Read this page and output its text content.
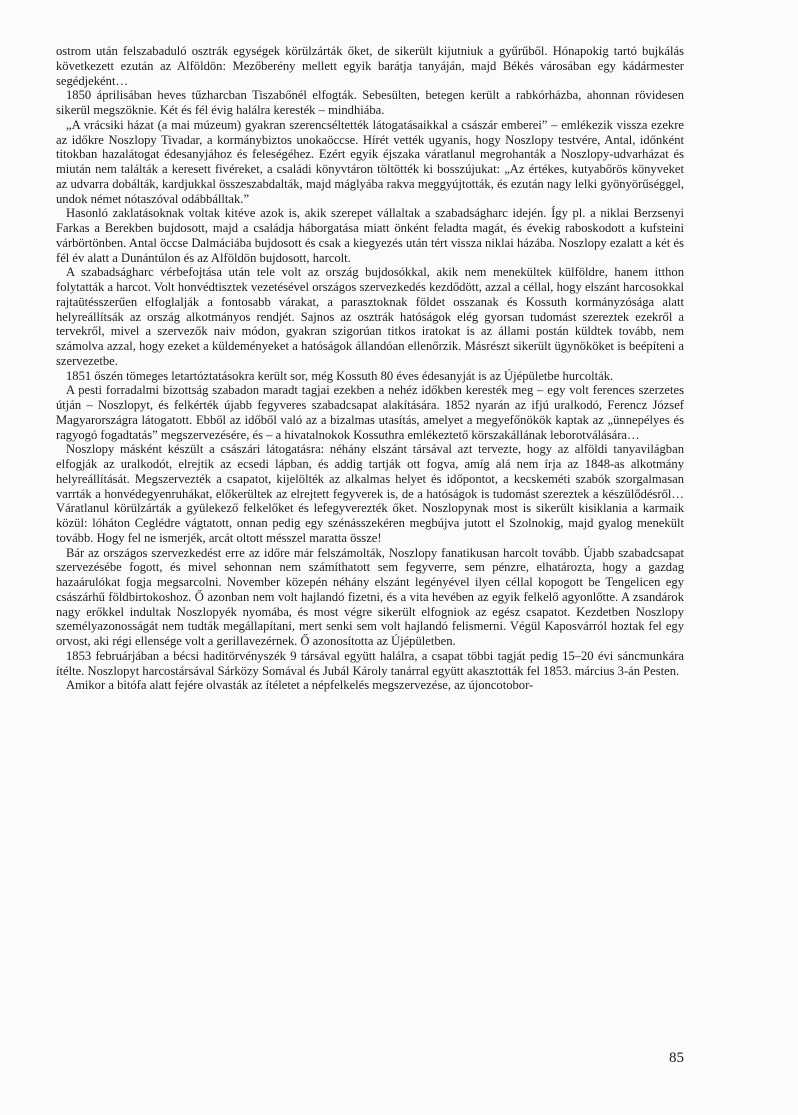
ostrom után felszabaduló osztrák egységek körülzárták őket, de sikerült kijutniuk a gyűrűből. Hónapokig tartó bujkálás következett ezután az Alföldön: Mezőberény mellett egyik barátja tanyáján, majd Békés városában egy kádármester segédjeként…

1850 áprilisában heves tűzharcban Tiszabőnél elfogták. Sebesülten, betegen került a rabkórházba, ahonnan rövidesen sikerül megszöknie. Két és fél évig halálra keresték – mindhiába.

„A vrácsiki házat (a mai múzeum) gyakran szerencséltették látogatásaikkal a császár emberei” – emlékezik vissza ezekre az időkre Noszlopy Tivadar, a kormánybiztos unokaöccse. Hírét vették ugyanis, hogy Noszlopy testvére, Antal, időnként titokban hazalátogat édesanyjához és feleségéhez. Ezért egyik éjszaka váratlanul megrohanták a Noszlopy-udvarházat és miután nem találták a keresett fivéreket, a családi könyvtáron töltötték ki bosszújukat: „Az értékes, kutyabőrös könyveket az udvarra dobálták, kardjukkal összeszabdalták, majd máglyába rakva meggyújtották, és ezután nagy lelki gyönyörűséggel, undok német nótaszóval odábbálltak.”

Hasonló zaklatásoknak voltak kitéve azok is, akik szerepet vállaltak a szabadságharc idején. Így pl. a niklai Berzsenyi Farkas a Berekben bujdosott, majd a családja háborgatása miatt önként feladta magát, és évekig raboskodott a kufsteini várbörtönben. Antal öccse Dalmáciába bujdosott és csak a kiegyezés után tért vissza niklai házába. Noszlopy ezalatt a két és fél év alatt a Dunántúlon és az Alföldön bujdosott, harcolt.

A szabadságharc vérbefojtása után tele volt az ország bujdosókkal, akik nem menekültek külföldre, hanem itthon folytatták a harcot. Volt honvédtisztek vezetésével országos szervezkedés kezdődött, azzal a céllal, hogy elszánt harcosokkal rajtaütésszerűen elfoglalják a fontosabb várakat, a parasztoknak földet osszanak és Kossuth kormányzósága alatt helyreállítsák az ország alkotmányos rendjét. Sajnos az osztrák hatóságok elég gyorsan tudomást szereztek ezekről a tervekről, mivel a szervezők naiv módon, gyakran szigorúan titkos iratokat is az állami postán küldtek tovább, nem számolva azzal, hogy ezeket a küldeményeket a hatóságok állandóan ellenőrzik. Másrészt sikerült ügynököket is beépíteni a szervezetbe.

1851 őszén tömeges letartóztatásokra került sor, még Kossuth 80 éves édesanyját is az Újépületbe hurcolták.

A pesti forradalmi bizottság szabadon maradt tagjai ezekben a nehéz időkben keresték meg – egy volt ferences szerzetes útján – Noszlopyt, és felkérték újabb fegyveres szabadcsapat alakítására. 1852 nyarán az ifjú uralkodó, Ferencz József Magyarországra látogatott. Ebből az időből való az a bizalmas utasítás, amelyet a megyefőnökök kaptak az „ünnepélyes és ragyogó fogadtatás” megszervezésére, és – a hivatalnokok Kossuthra emlékeztető körszakállának leborotválására…

Noszlopy másként készült a császári látogatásra: néhány elszánt társával azt tervezte, hogy az alföldi tanyavilágban elfogják az uralkodót, elrejtik az ecsedi lápban, és addig tartják ott fogva, amíg alá nem írja az 1848-as alkotmány helyreállítását. Megszervezték a csapatot, kijelölték az alkalmas helyet és időpontot, a kecskeméti szabók szorgalmasan varrták a honvédegyenruhákat, előkerültek az elrejtett fegyverek is, de a hatóságok is tudomást szereztek a készülődésről… Váratlanul körülzárták a gyülekező felkelőket és lefegyverezték őket. Noszlopynak most is sikerült kisiklania a karmaik közül: lóháton Ceglédre vágtatott, onnan pedig egy szénásszekéren megbújva jutott el Szolnokig, majd gyalog menekült tovább. Hogy fel ne ismerjék, arcát oltott mésszel maratta össze!

Bár az országos szervezkedést erre az időre már felszámolták, Noszlopy fanatikusan harcolt tovább. Újabb szabadcsapat szervezésébe fogott, és mivel sehonnan nem számíthatott sem fegyverre, sem pénzre, elhatározta, hogy a gazdag hazaárulókat fogja megsarcolni. November közepén néhány elszánt legényével ilyen céllal kopogott be Tengelicen egy császárhű földbirtokoshoz. Ő azonban nem volt hajlandó fizetni, és a vita hevében az egyik felkelő agyonlőtte. A zsandárok nagy erőkkel indultak Noszlopyék nyomába, és most végre sikerült elfogniok az egész csapatot. Kezdetben Noszlopy személyazonosságát nem tudták megállapítani, mert senki sem volt hajlandó felismerni. Végül Kaposvárról hoztak fel egy orvost, aki régi ellensége volt a gerillavezérnek. Ő azonosította az Újépületben.

1853 februárjában a bécsi haditörvényszék 9 társával együtt halálra, a csapat többi tagját pedig 15–20 évi sáncmunkára ítélte. Noszlopyt harcostársával Sárközy Somával és Jubál Károly tanárral együtt akasztották fel 1853. március 3-án Pesten.

Amikor a bitófa alatt fejére olvasták az ítéletet a népfelkelés megszervezése, az újoncotobor-

85
